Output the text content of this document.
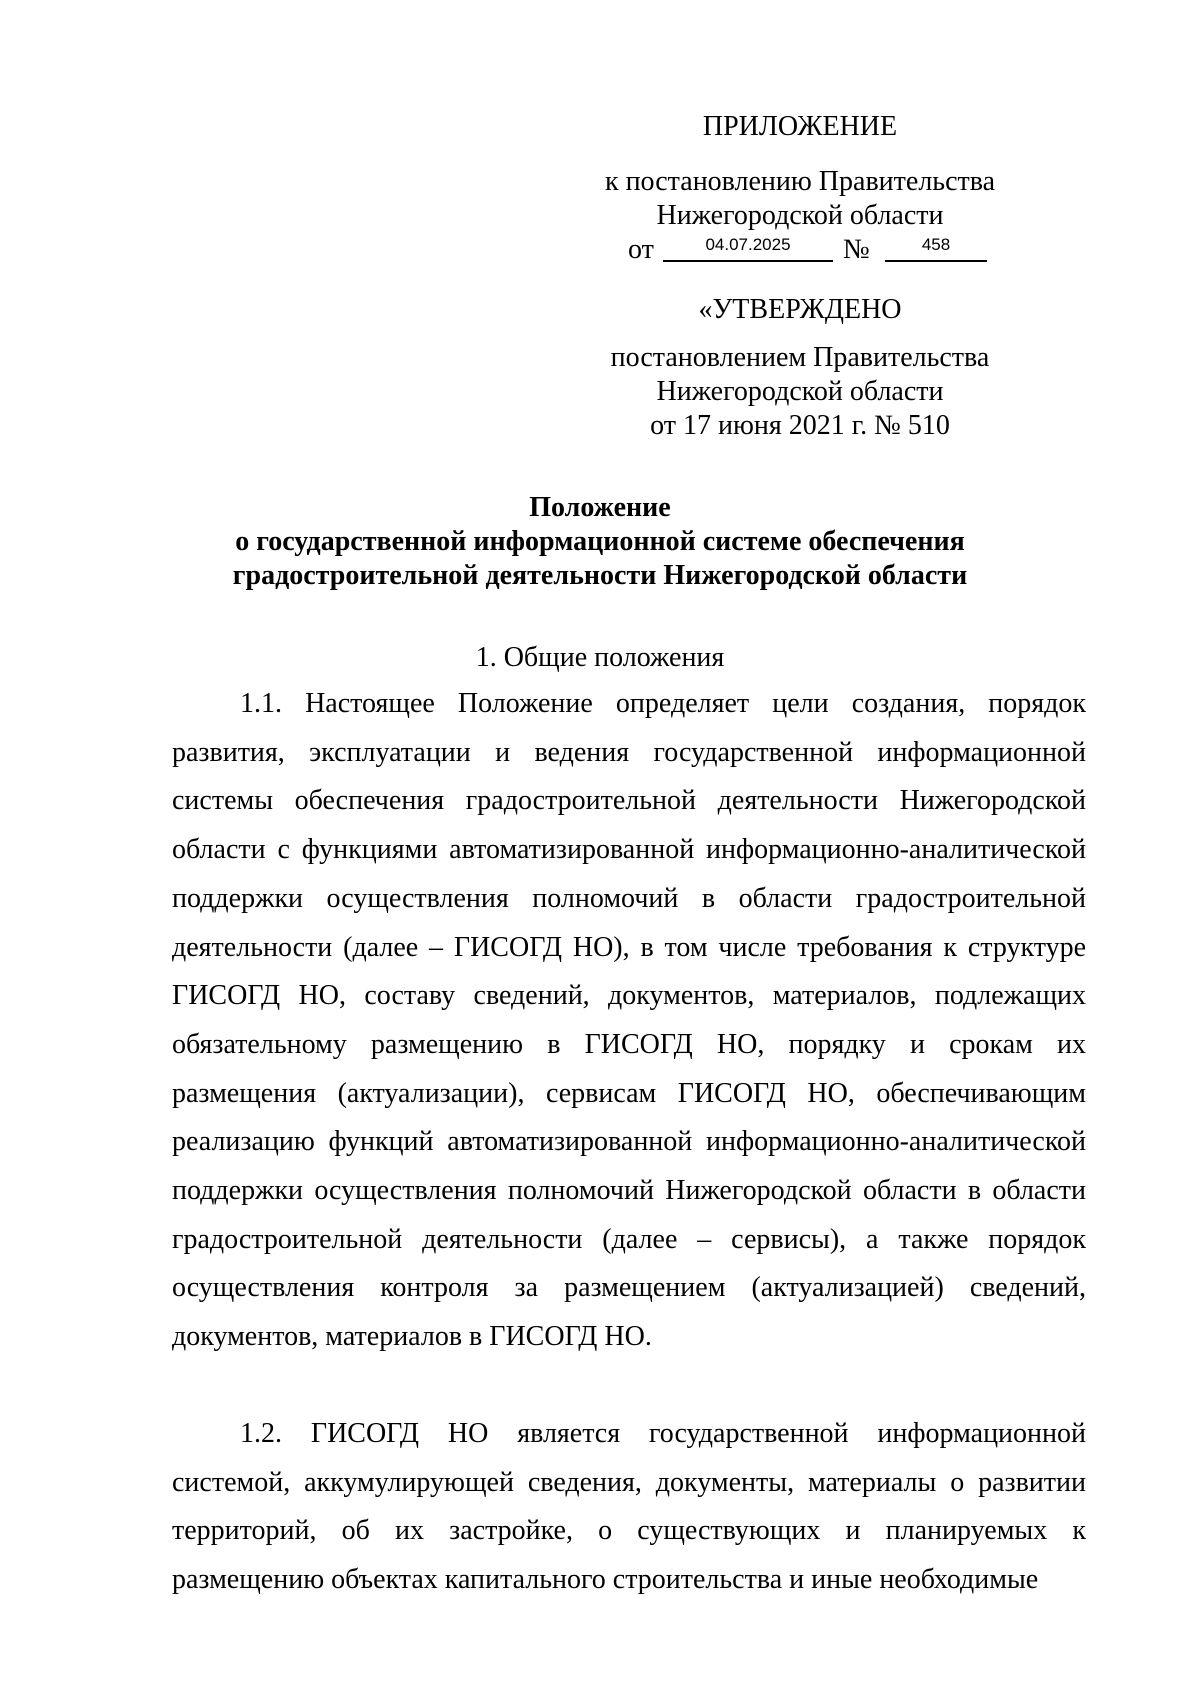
ПРИЛОЖЕНИЕ
к постановлению Правительства
Нижегородской области
от	04.07.2025	№	458
«УТВЕРЖДЕНО
постановлением Правительства
Нижегородской области
от 17 июня 2021 г. № 510
Положение
о государственной информационной системе обеспечения
градостроительной деятельности Нижегородской области
1. Общие положения

1.1. Настоящее Положение определяет цели создания, порядок развития, эксплуатации и ведения государственной информационной системы обеспечения градостроительной деятельности Нижегородской области с функциями автоматизированной информационно-аналитической поддержки осуществления полномочий в области градостроительной деятельности (далее – ГИСОГД НО), в том числе требования к структуре ГИСОГД НО, составу сведений, документов, материалов, подлежащих обязательному размещению в ГИСОГД НО, порядку и срокам их размещения (актуализации), сервисам ГИСОГД НО, обеспечивающим реализацию функций автоматизированной информационно-аналитической поддержки осуществления полномочий Нижегородской области в области градостроительной деятельности (далее – сервисы), а также порядок осуществления контроля за размещением (актуализацией) сведений, документов, материалов в ГИСОГД НО.

1.2. ГИСОГД НО является государственной информационной системой, аккумулирующей сведения, документы, материалы о развитии территорий, об их застройке, о существующих и планируемых к размещению объектах капитального строительства и иные необходимые
